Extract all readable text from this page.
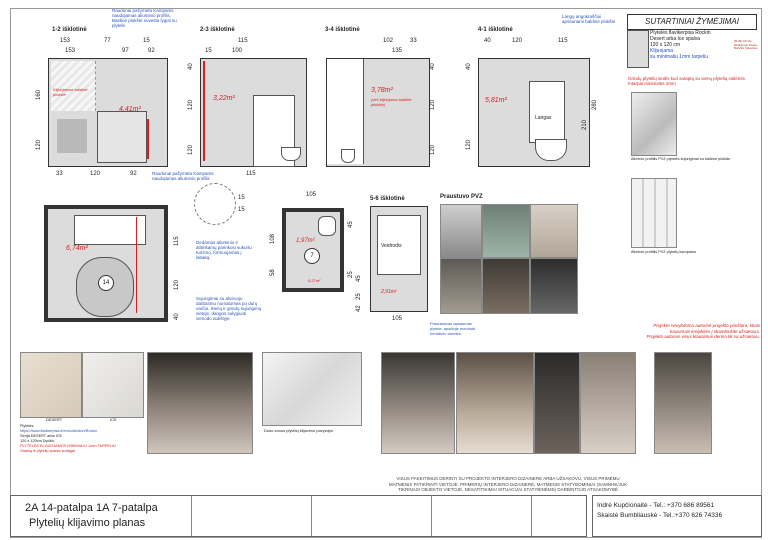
1-2 išklotinė
153	77	15
153	97	92
Raudonai pažymėta Kampams naudojamas aliuminio profilis. Baldinė plokštė suvesta lygiai su plytele
Klijuojamas baldinė plokštė
4,41m²
160
120
33	120	92	Raudonai pažymėta Kampams naudojamas aliuminio profilis
2-3 išklotinė
115
15	100
3,22m²
40
120
120
115
3-4 išklotinė
102	33
135
3,78m²
(virš klijuojama baldinė plokštė)	120
120
40
4-1 išklotinė
Langų angokraščiai apsaunami baldinė plokšte
40	120	115
Langas
5,81m²
40
120
280
210
SUTARTINIAI ŽYMĖJIMAI
Plytelės flavikerpisa Rockin
Desert arba Ice spalva
120 x 120 cm
Klijuojama
su minimaliu 1mm tarpeliu
(B-39) 60 Vie lėkalijų/sat Fluido-Ba/Vikė Taksolius
Grindų plytelių siūlės kuri sutaptų su sienų plytelių siūlėmis. Intarpai minimalūs 1mm
Aliminio profiliis PVZ plytelės sujungimai su baldine plokšte
Aliminio profiliis PVZ plytelių kampams
Projekte nevykdoma autoriné projekto priežiūra, kitais
kausimais kreipkitės į skambinkite užsakovui.
Projekto autorius visus klausimus derina tik su užsakovu.
6,74m²
14
115
120
40
Dedamas aliuminio ir atitinkamų parinkosi sukurtu turizmo, formuojamas į labaką.
Sujungimai su atviruoju darbasmu numatomas po durų varčia. Sienų ir grindų sujungimų vietoje, dangos sulygiuoti vienodo aukštyje.
15
15
105
1,97m²
7
0,27m²
108
58
45
25
5-6 išklotinė
Veidrodis
2,91m²
45
25
42
105
Praaustuvas apsaumas plytele, apačioje montuoti nerūdinio durelės.
Praustuvo PVZ
DESERT	ICE
Plytelės:
https://www.flavikerpisa.lt/en/collection/Rockin
Serija DESERT arba ICE
120 x 120cm Dydžio
PLYTELES KLIJUOJAMOS MINIMALIU 1mm TARPELIU
Glaistą iš plytelių spalva sudagai
Dušo zonos plytelių klijavimo pavyzdys
VISUS PAKEITIMUS DERINTI SU PROJEKTO INTERJERO DIZAINERE ARBA UŽSAKOVU. VISUS PRIMĖMU
MATMENIS PATIKRINTI VIETOJE. PRIMERIŲ INTERJERO DIZAINERĖ, MATMENIS STATYBOMINIAI (SAMNHE/JUK
TIKRINASI OBJEKTO VIETOJE. NESATITIKIMAI SITUACIJAI STATYBINĖMS) DARBINTOJO ATSAKOMYBĖ
2A 14-patalpa 1A 7-patalpa
Plytelių klijavimo planas
Indrė Kupčionaitė - Tel.: +370 686 89561
Skaistė Bumbliauskė - Tel.:+370 626 74336
